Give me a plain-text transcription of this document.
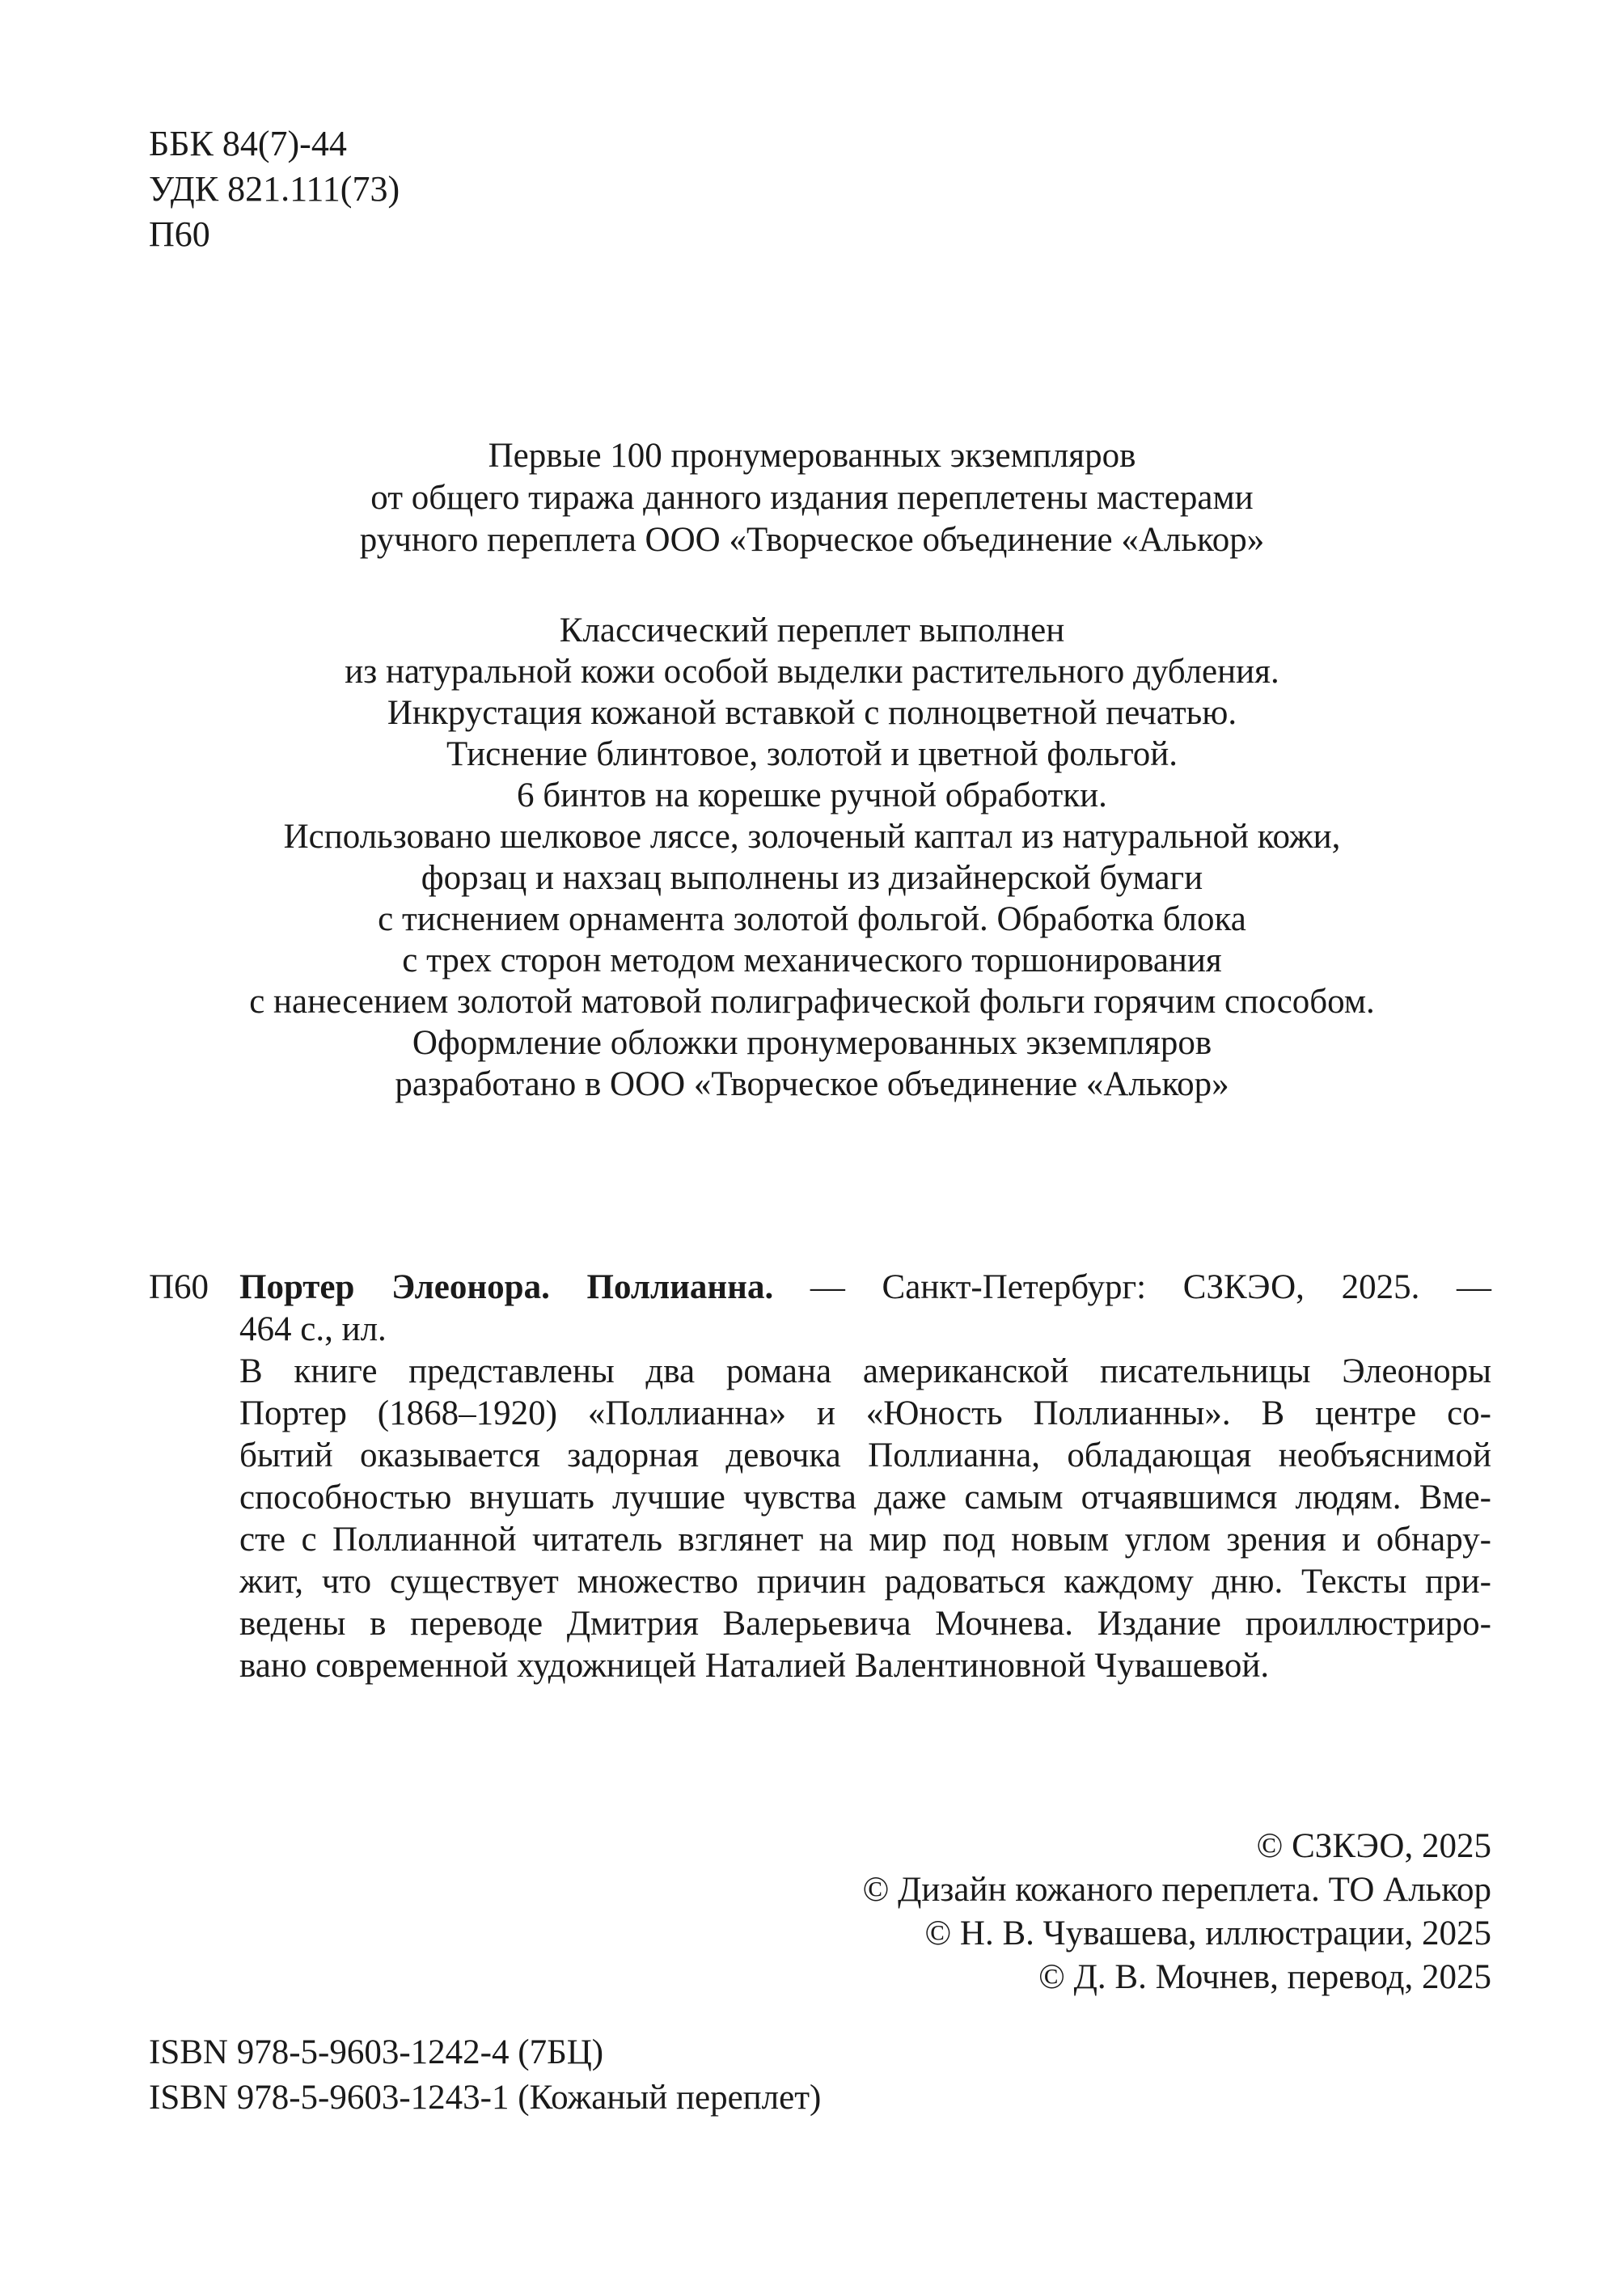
ББК 84(7)-44
УДК 821.111(73)
П60
Первые 100 пронумерованных экземпляров
от общего тиража данного издания переплетены мастерами
ручного переплета ООО «Творческое объединение «Алькор»
Классический переплет выполнен
из натуральной кожи особой выделки растительного дубления.
Инкрустация кожаной вставкой с полноцветной печатью.
Тиснение блинтовое, золотой и цветной фольгой.
6 бинтов на корешке ручной обработки.
Использовано шелковое ляссе, золоченый каптал из натуральной кожи,
форзац и нахзац выполнены из дизайнерской бумаги
с тиснением орнамента золотой фольгой. Обработка блока
с трех сторон методом механического торшонирования
с нанесением золотой матовой полиграфической фольги горячим способом.
Оформление обложки пронумерованных экземпляров
разработано в ООО «Творческое объединение «Алькор»
П60 Портер Элеонора. Поллианна. — Санкт-Петербург: СЗКЭО, 2025. —
464 с., ил.
В книге представлены два романа американской писательницы Элеоноры
Портер (1868–1920) «Поллианна» и «Юность Поллианны». В центре со-
бытий оказывается задорная девочка Поллианна, обладающая необъяснимой
способностью внушать лучшие чувства даже самым отчаявшимся людям. Вме-
сте с Поллианной читатель взглянет на мир под новым углом зрения и обнару-
жит, что существует множество причин радоваться каждому дню. Тексты при-
ведены в переводе Дмитрия Валерьевича Мочнева. Издание проиллюстриро-
вано современной художницей Наталией Валентиновной Чувашевой.
© СЗКЭО, 2025
© Дизайн кожаного переплета. ТО Алькор
© Н. В. Чувашева, иллюстрации, 2025
© Д. В. Мочнев, перевод, 2025
ISBN 978-5-9603-1242-4 (7БЦ)
ISBN 978-5-9603-1243-1 (Кожаный переплет)
